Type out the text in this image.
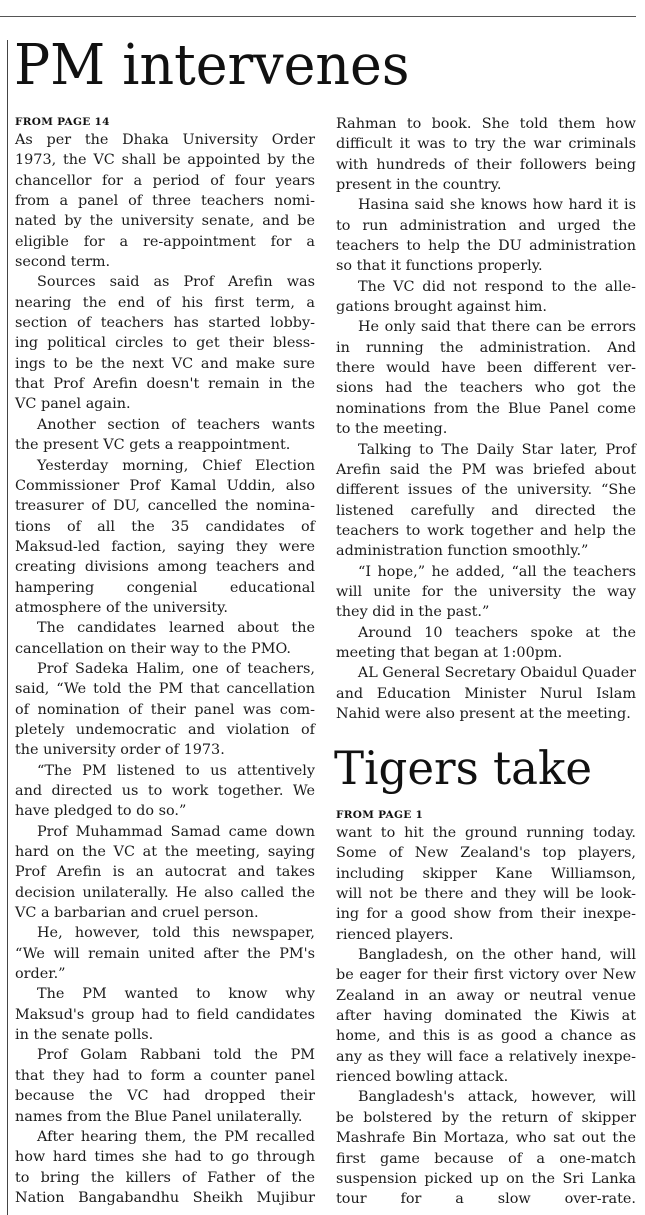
PM intervenes
FROM PAGE 14
As per the Dhaka University Order
1973, the VC shall be appointed by the
chancellor for a period of four years
from a panel of three teachers nomi-
nated by the university senate, and be
eligible for a re-appointment for a
second term.
Sources said as Prof Arefin was
nearing the end of his first term, a
section of teachers has started lobby-
ing political circles to get their bless-
ings to be the next VC and make sure
that Prof Arefin doesn't remain in the
VC panel again.
Another section of teachers wants
the present VC gets a reappointment.
Yesterday morning, Chief Election
Commissioner Prof Kamal Uddin, also
treasurer of DU, cancelled the nomina-
tions of all the 35 candidates of
Maksud-led faction, saying they were
creating divisions among teachers and
hampering congenial educational
atmosphere of the university.
The candidates learned about the
cancellation on their way to the PMO.
Prof Sadeka Halim, one of teachers,
said, “We told the PM that cancellation
of nomination of their panel was com-
pletely undemocratic and violation of
the university order of 1973.
“The PM listened to us attentively
and directed us to work together. We
have pledged to do so.”
Prof Muhammad Samad came down
hard on the VC at the meeting, saying
Prof Arefin is an autocrat and takes
decision unilaterally. He also called the
VC a barbarian and cruel person.
He, however, told this newspaper,
“We will remain united after the PM's
order.”
The PM wanted to know why
Maksud's group had to field candidates
in the senate polls.
Prof Golam Rabbani told the PM
that they had to form a counter panel
because the VC had dropped their
names from the Blue Panel unilaterally.
After hearing them, the PM recalled
how hard times she had to go through
to bring the killers of Father of the
Nation Bangabandhu Sheikh Mujibur
Rahman to book. She told them how
difficult it was to try the war criminals
with hundreds of their followers being
present in the country.
Hasina said she knows how hard it is
to run administration and urged the
teachers to help the DU administration
so that it functions properly.
The VC did not respond to the alle-
gations brought against him.
He only said that there can be errors
in running the administration. And
there would have been different ver-
sions had the teachers who got the
nominations from the Blue Panel come
to the meeting.
Talking to The Daily Star later, Prof
Arefin said the PM was briefed about
different issues of the university. “She
listened carefully and directed the
teachers to work together and help the
administration function smoothly.”
“I hope,” he added, “all the teachers
will unite for the university the way
they did in the past.”
Around 10 teachers spoke at the
meeting that began at 1:00pm.
AL General Secretary Obaidul Quader
and Education Minister Nurul Islam
Nahid were also present at the meeting.
Tigers take
FROM PAGE 1
want to hit the ground running today.
Some of New Zealand's top players,
including skipper Kane Williamson,
will not be there and they will be look-
ing for a good show from their inexpe-
rienced players.
Bangladesh, on the other hand, will
be eager for their first victory over New
Zealand in an away or neutral venue
after having dominated the Kiwis at
home, and this is as good a chance as
any as they will face a relatively inexpe-
rienced bowling attack.
Bangladesh's attack, however, will
be bolstered by the return of skipper
Mashrafe Bin Mortaza, who sat out the
first game because of a one-match
suspension picked up on the Sri Lanka
tour for a slow over-rate.
